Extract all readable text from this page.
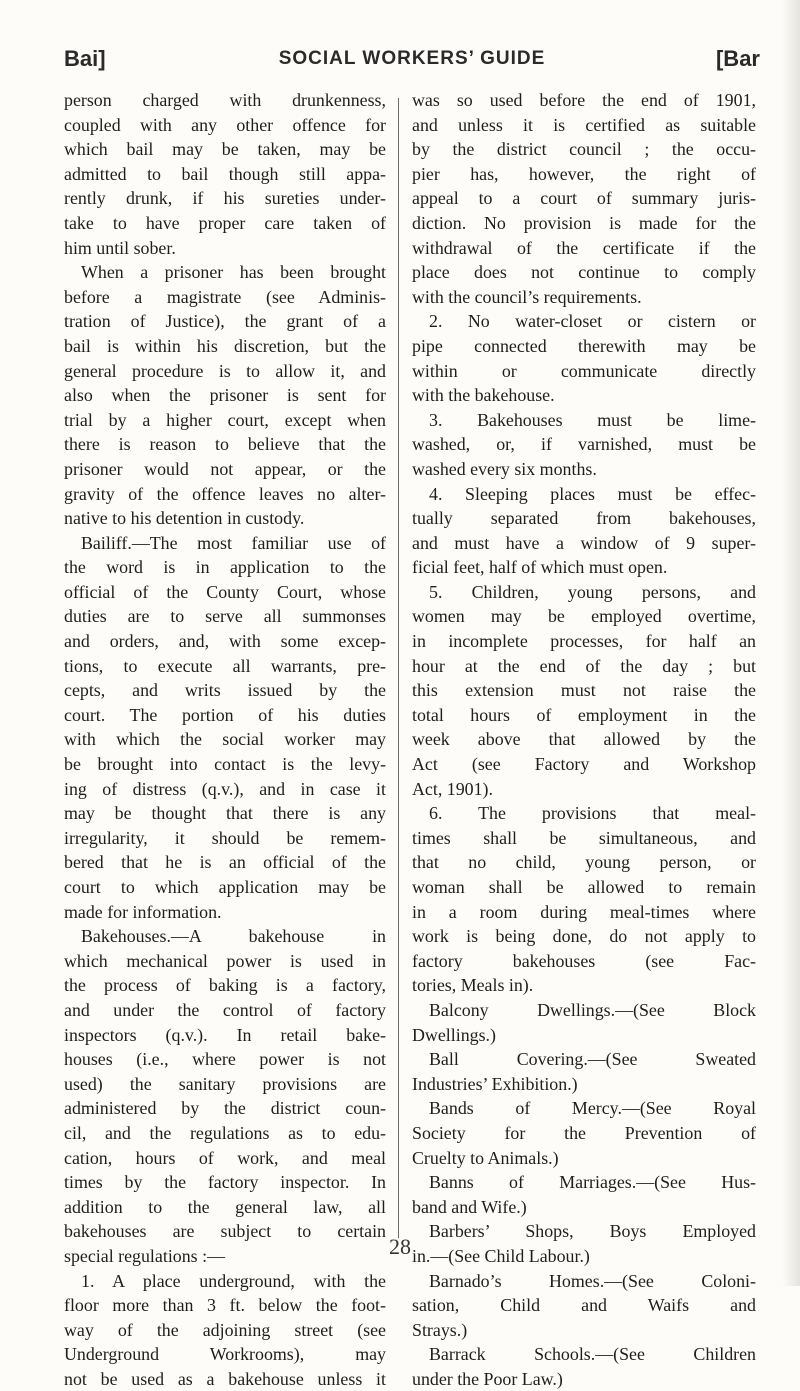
Bai]	SOCIAL WORKERS’ GUIDE	[Bar
person charged with drunkenness,
coupled with any other offence for
which bail may be taken, may be
admitted to bail though still appa-
rently drunk, if his sureties under-
take to have proper care taken of
him until sober.
When a prisoner has been brought
before a magistrate (see Adminis-
tration of Justice), the grant of a
bail is within his discretion, but the
general procedure is to allow it, and
also when the prisoner is sent for
trial by a higher court, except when
there is reason to believe that the
prisoner would not appear, or the
gravity of the offence leaves no alter-
native to his detention in custody.
Bailiff.—The most familiar use of
the word is in application to the
official of the County Court, whose
duties are to serve all summonses
and orders, and, with some excep-
tions, to execute all warrants, pre-
cepts, and writs issued by the
court. The portion of his duties
with which the social worker may
be brought into contact is the levy-
ing of distress (q.v.), and in case it
may be thought that there is any
irregularity, it should be remem-
bered that he is an official of the
court to which application may be
made for information.
Bakehouses.—A bakehouse in
which mechanical power is used in
the process of baking is a factory,
and under the control of factory
inspectors (q.v.). In retail bake-
houses (i.e., where power is not
used) the sanitary provisions are
administered by the district coun-
cil, and the regulations as to edu-
cation, hours of work, and meal
times by the factory inspector. In
addition to the general law, all
bakehouses are subject to certain
special regulations :—
1. A place underground, with the
floor more than 3 ft. below the foot-
way of the adjoining street (see
Underground Workrooms), may
not be used as a bakehouse unless it
was so used before the end of 1901,
and unless it is certified as suitable
by the district council ; the occu-
pier has, however, the right of
appeal to a court of summary juris-
diction. No provision is made for the
withdrawal of the certificate if the
place does not continue to comply
with the council’s requirements.
2. No water-closet or cistern or
pipe connected therewith may be
within or communicate directly
with the bakehouse.
3. Bakehouses must be lime-
washed, or, if varnished, must be
washed every six months.
4. Sleeping places must be effec-
tually separated from bakehouses,
and must have a window of 9 super-
ficial feet, half of which must open.
5. Children, young persons, and
women may be employed overtime,
in incomplete processes, for half an
hour at the end of the day ; but
this extension must not raise the
total hours of employment in the
week above that allowed by the
Act (see Factory and Workshop
Act, 1901).
6. The provisions that meal-
times shall be simultaneous, and
that no child, young person, or
woman shall be allowed to remain
in a room during meal-times where
work is being done, do not apply to
factory bakehouses (see Fac-
tories, Meals in).
Balcony Dwellings.—(See Block
Dwellings.)
Ball Covering.—(See Sweated
Industries’ Exhibition.)
Bands of Mercy.—(See Royal
Society for the Prevention of
Cruelty to Animals.)
Banns of Marriages.—(See Hus-
band and Wife.)
Barbers’ Shops, Boys Employed
in.—(See Child Labour.)
Barnado’s Homes.—(See Coloni-
sation, Child and Waifs and
Strays.)
Barrack Schools.—(See Children
under the Poor Law.)
28
